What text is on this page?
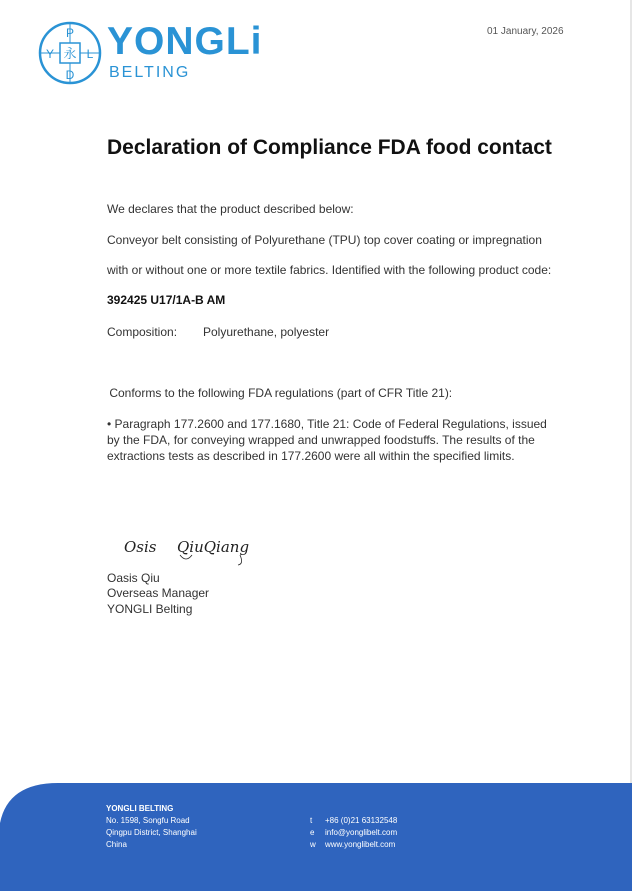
P
Y	L
D
永 YONGLi
BELTING
01 January, 2026
Declaration of Compliance FDA food contact
We declares that the product described below:
Conveyor belt consisting of Polyurethane (TPU) top cover coating or impregnation
with or without one or more textile fabrics. Identified with the following product code:
392425 U17/1A-B AM
Composition: Polyurethane, polyester
Conforms to the following FDA regulations (part of CFR Title 21):
• Paragraph 177.2600 and 177.1680, Title 21: Code of Federal Regulations, issued by the FDA, for conveying wrapped and unwrapped foodstuffs. The results of the extractions tests as described in 177.2600 were all within the specified limits.
Osis QiuQiang
Oasis Qiu
Overseas Manager
YONGLI Belting
YONGLI BELTING
No. 1598, Songfu Road
Qingpu District, Shanghai
China
t +86 (0)21 63132548
e info@yonglibelt.com
w www.yonglibelt.com
